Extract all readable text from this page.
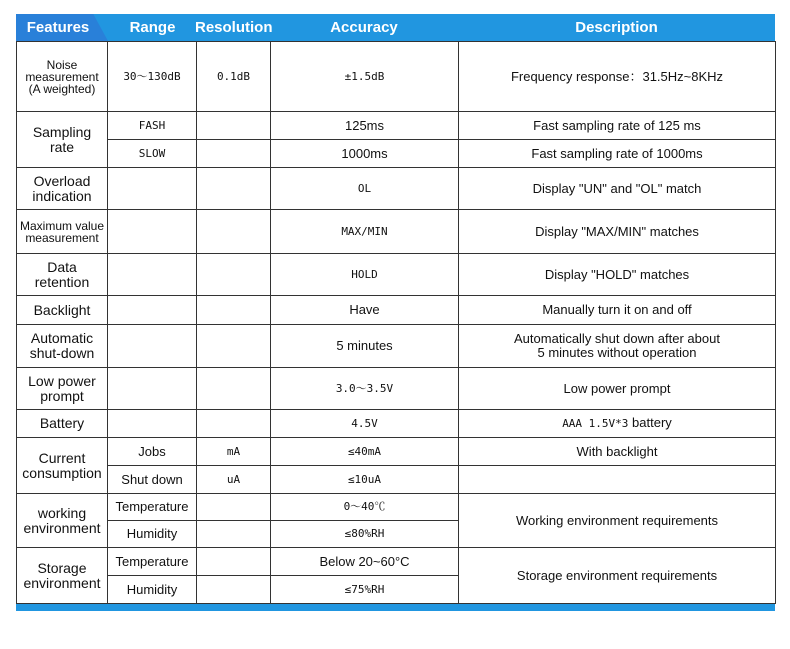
Features	Range	Resolution	Accuracy	Description
Noise measurement (A weighted)	30〜130dB	0.1dB	±1.5dB	Frequency response：31.5Hz~8KHz
Sampling rate	FASH		125ms	Fast sampling rate of 125 ms
	SLOW		1000ms	Fast sampling rate of 1000ms
Overload indication			OL	Display "UN" and "OL" match
Maximum value measurement			MAX/MIN	Display "MAX/MIN" matches
Data retention			HOLD	Display "HOLD" matches
Backlight			Have	Manually turn it on and off
Automatic shut-down			5 minutes	Automatically shut down after about 5 minutes without operation
Low power prompt			3.0〜3.5V	Low power prompt
Battery			4.5V	AAA 1.5V*3 battery
Current consumption	Jobs	mA	≤40mA	With backlight
	Shut down	uA	≤10uA	
working environment	Temperature		0〜40℃	Working environment requirements
	Humidity		≤80%RH	
Storage environment	Temperature		Below 20~60°C	Storage environment requirements
	Humidity		≤75%RH	
